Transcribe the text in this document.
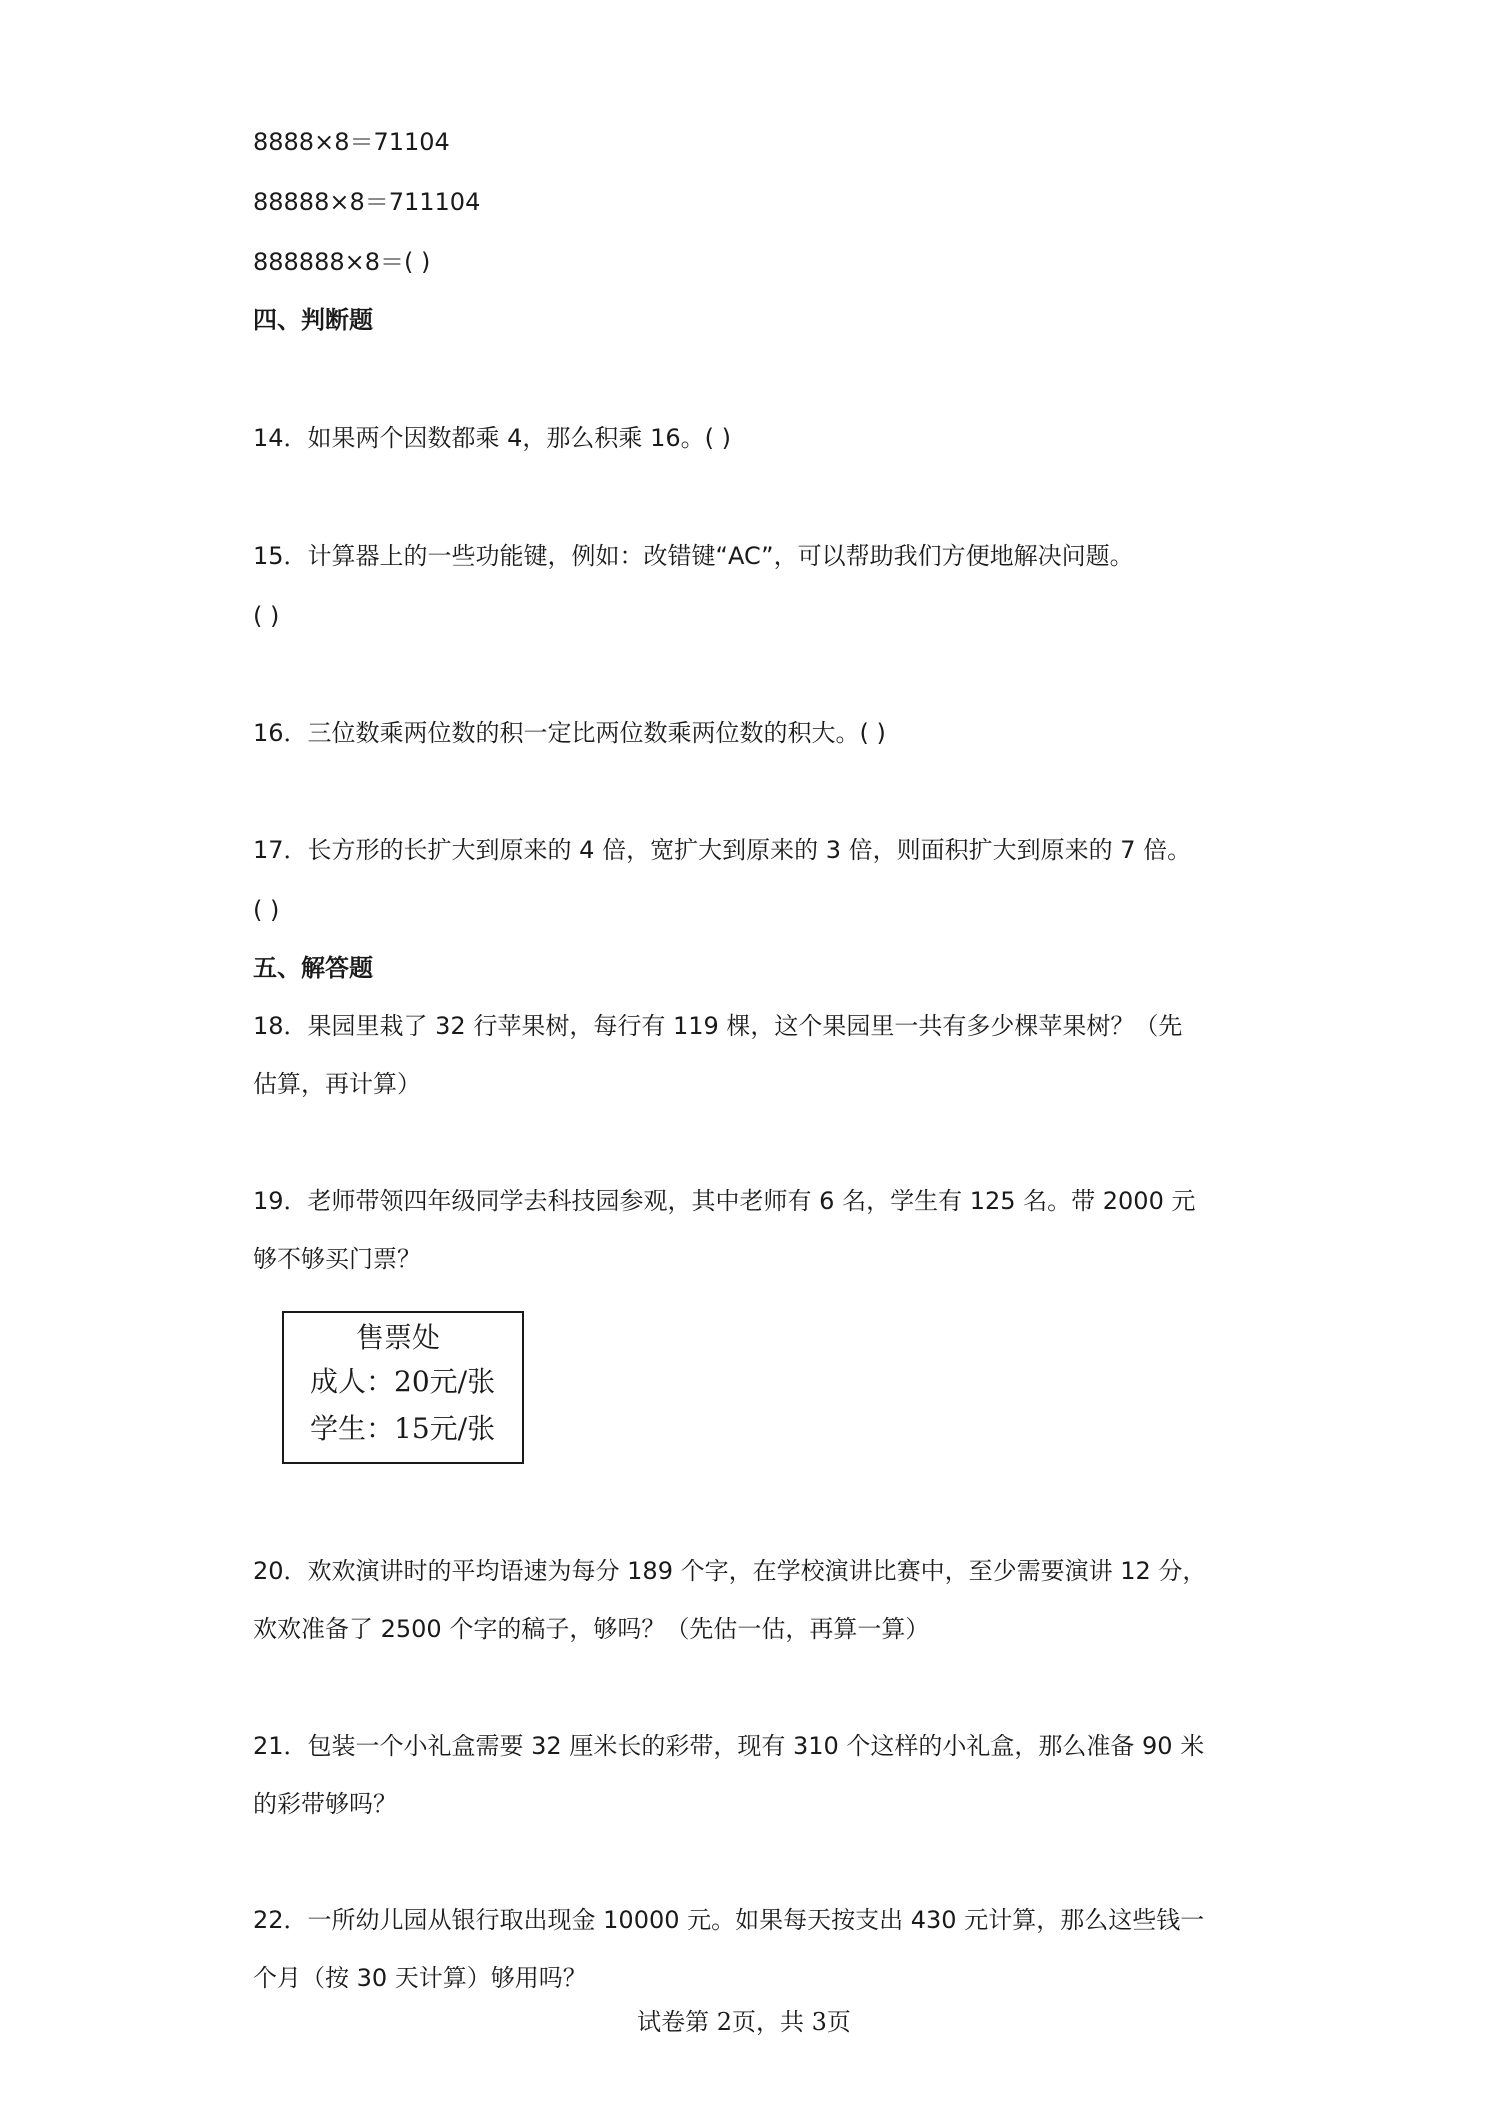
8888×8＝71104
88888×8＝711104
888888×8＝( )
四、判断题
14．如果两个因数都乘 4，那么积乘 16。( )
15．计算器上的一些功能键，例如：改错键“AC”，可以帮助我们方便地解决问题。
( )
16．三位数乘两位数的积一定比两位数乘两位数的积大。( )
17．长方形的长扩大到原来的 4 倍，宽扩大到原来的 3 倍，则面积扩大到原来的 7 倍。
( )
五、解答题
18．果园里栽了 32 行苹果树，每行有 119 棵，这个果园里一共有多少棵苹果树？（先
估算，再计算）
19．老师带领四年级同学去科技园参观，其中老师有 6 名，学生有 125 名。带 2000 元
够不够买门票？
售票处
成人：20元/张
学生：15元/张
20．欢欢演讲时的平均语速为每分 189 个字，在学校演讲比赛中，至少需要演讲 12 分，
欢欢准备了 2500 个字的稿子，够吗？（先估一估，再算一算）
21．包装一个小礼盒需要 32 厘米长的彩带，现有 310 个这样的小礼盒，那么准备 90 米
的彩带够吗？
22．一所幼儿园从银行取出现金 10000 元。如果每天按支出 430 元计算，那么这些钱一
个月（按 30 天计算）够用吗？
试卷第 2页，共 3页
